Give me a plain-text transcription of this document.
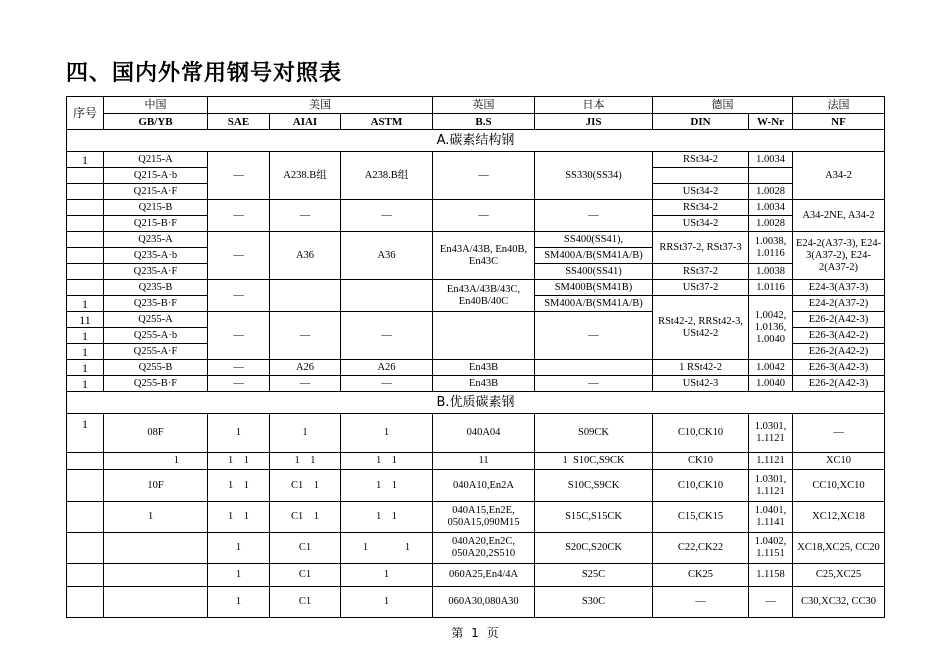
四、国内外常用钢号对照表
序号	中国	美国			英国	日本	德国		法国
	GB/YB	SAE	AIAI	ASTM	B.S	JIS	DIN	W-Nr	NF
A.碳素结构钢									
1	Q215-A	—	A238.B组	A238.B组	—	SS330(SS34)	RSt34-2	1.0034	A34-2
	Q215-A·b								
	Q215-A·F						USt34-2	1.0028	
	Q215-B	—	—	—	—	—	RSt34-2	1.0034	A34-2NE, A34-2
	Q215-B·F						USt34-2	1.0028	
	Q235-A	—	A36	A36	En43A/43B, En40B, En43C	SS400(SS41),	RRSt37-2, RSt37-3	1.0038, 1.0116	E24-2(A37-3), E24-3(A37-2), E24-2(A37-2)
	Q235-A·b					SM400A/B(SM41A/B)			
	Q235-A·F					SS400(SS41)	RSt37-2	1.0038	
	Q235-B	—			En43A/43B/43C, En40B/40C	SM400B(SM41B)	USt37-2	1.0116	E24-3(A37-3)
1	Q235-B·F					SM400A/B(SM41A/B)	RSt42-2, RRSt42-3, USt42-2	1.0042, 1.0136, 1.0040	E24-2(A37-2)
11	Q255-A	—	—	—		—			E26-2(A42-3)
1	Q255-A·b								E26-3(A42-2)
1	Q255-A·F								E26-2(A42-2)
1	Q255-B	—	A26	A26	En43B		1 RSt42-2	1.0042	E26-3(A42-3)
1	Q255-B·F	—	—	—	En43B	—	USt42-3	1.0040	E26-2(A42-3)
B.优质碳素钢									
1	08F	1	1	1	040A04	S09CK	C10,CK10	1.0301, 1.1121	—
	1	1    1	1    1	1    1	11	1  S10C,S9CK	CK10	1.1121	XC10
	10F	1    1	C1    1	1    1	040A10,En2A	S10C,S9CK	C10,CK10	1.0301, 1.1121	CC10,XC10
	1	1    1	C1    1	1    1	040A15,En2E, 050A15,090M15	S15C,S15CK	C15,CK15	1.0401, 1.1141	XC12,XC18
		1	C1	1              1	040A20,En2C, 050A20,2S510	S20C,S20CK	C22,CK22	1.0402, 1.1151	XC18,XC25, CC20
		1	C1	1	060A25,En4/4A	S25C	CK25	1.1158	C25,XC25
		1	C1	1	060A30,080A30	S30C	—	—	C30,XC32, CC30
第 1 页
